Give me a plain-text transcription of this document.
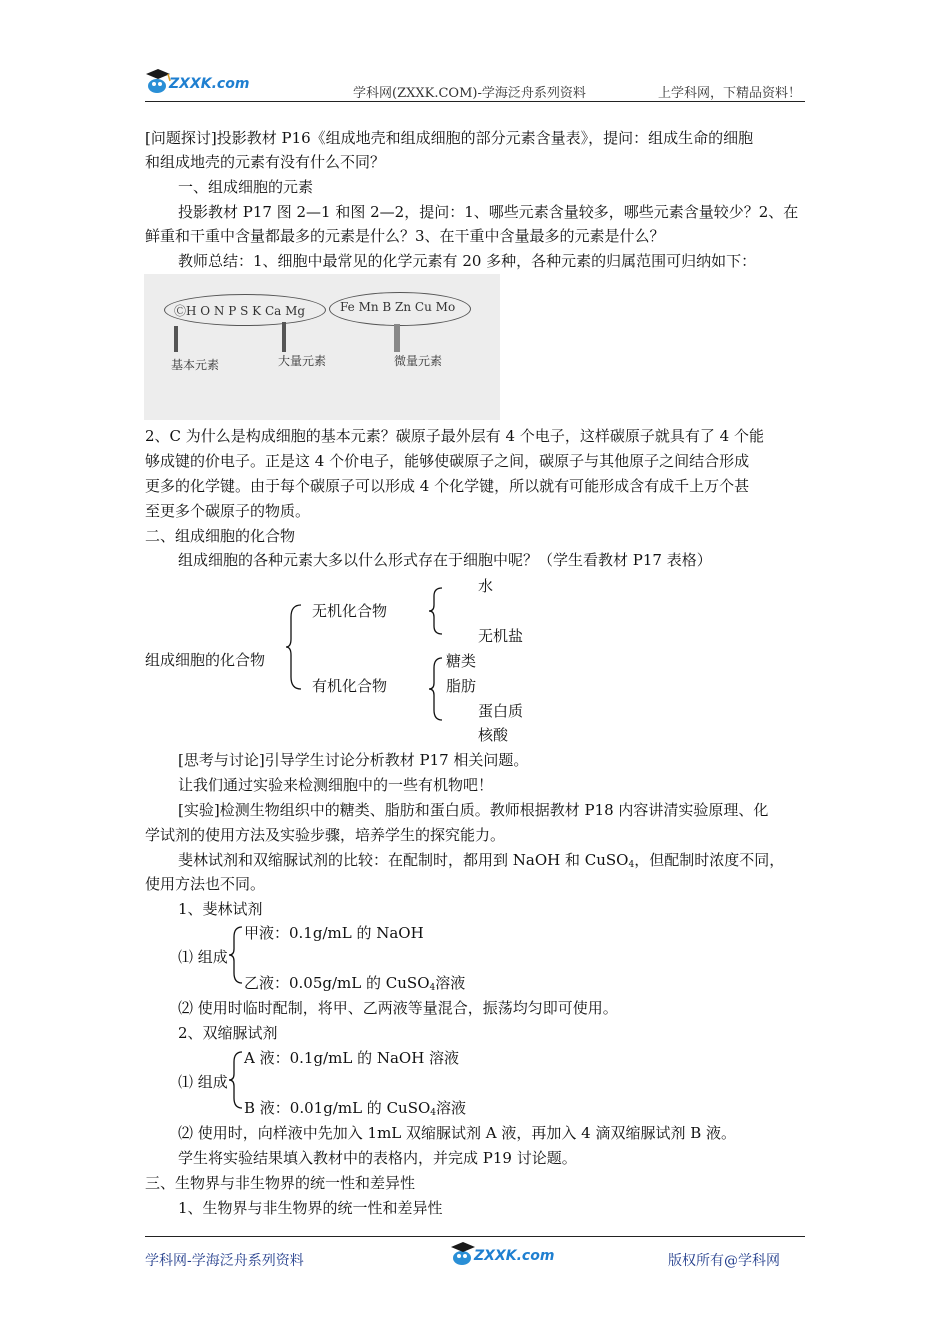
ZXXK.com
学科网(ZXXK.COM)-学海泛舟系列资料	上学科网，下精品资料！
[问题探讨]投影教材 P16《组成地壳和组成细胞的部分元素含量表》，提问：组成生命的细胞
和组成地壳的元素有没有什么不同？
一、组成细胞的元素
投影教材 P17 图 2—1 和图 2—2，提问：1、哪些元素含量较多，哪些元素含量较少？2、在
鲜重和干重中含量都最多的元素是什么？3、在干重中含量最多的元素是什么？
教师总结：1、细胞中最常见的化学元素有 20 多种，各种元素的归属范围可归纳如下：
ⒸH O N P S K Ca Mg	Fe Mn B Zn Cu Mo
基本元素	大量元素	微量元素
2、C 为什么是构成细胞的基本元素？碳原子最外层有 4 个电子，这样碳原子就具有了 4 个能
够成键的价电子。正是这 4 个价电子，能够使碳原子之间，碳原子与其他原子之间结合形成
更多的化学键。由于每个碳原子可以形成 4 个化学键，所以就有可能形成含有成千上万个甚
至更多个碳原子的物质。
二、组成细胞的化合物
组成细胞的各种元素大多以什么形式存在于细胞中呢？（学生看教材 P17 表格）
组成细胞的化合物
无机化合物
水
无机盐
有机化合物
糖类
脂肪
蛋白质
核酸
[思考与讨论]引导学生讨论分析教材 P17 相关问题。
让我们通过实验来检测细胞中的一些有机物吧！
[实验]检测生物组织中的糖类、脂肪和蛋白质。教师根据教材 P18 内容讲清实验原理、化
学试剂的使用方法及实验步骤，培养学生的探究能力。
斐林试剂和双缩脲试剂的比较：在配制时，都用到 NaOH 和 CuSO$_4$，但配制时浓度不同，
使用方法也不同。
1、斐林试剂
⑴ 组成
甲液：0.1g/mL 的 NaOH
乙液：0.05g/mL 的 CuSO$_4$溶液
⑵ 使用时临时配制，将甲、乙两液等量混合，振荡均匀即可使用。
2、双缩脲试剂
⑴ 组成
A 液：0.1g/mL 的 NaOH 溶液
B 液：0.01g/mL 的 CuSO$_4$溶液
⑵ 使用时，向样液中先加入 1mL 双缩脲试剂 A 液，再加入 4 滴双缩脲试剂 B 液。
学生将实验结果填入教材中的表格内，并完成 P19 讨论题。
三、生物界与非生物界的统一性和差异性
1、生物界与非生物界的统一性和差异性
学科网-学海泛舟系列资料	ZXXK.com	版权所有@学科网
